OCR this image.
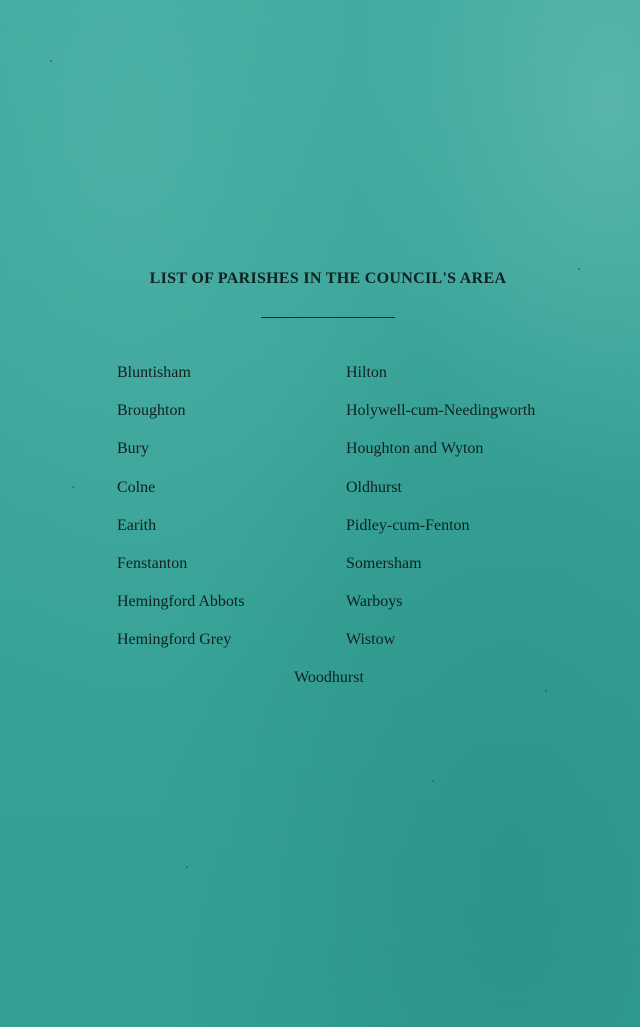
LIST OF PARISHES IN THE COUNCIL'S AREA
Bluntisham
Broughton
Bury
Colne
Earith
Fenstanton
Hemingford Abbots
Hemingford Grey
Hilton
Holywell-cum-Needingworth
Houghton and Wyton
Oldhurst
Pidley-cum-Fenton
Somersham
Warboys
Wistow
Woodhurst
